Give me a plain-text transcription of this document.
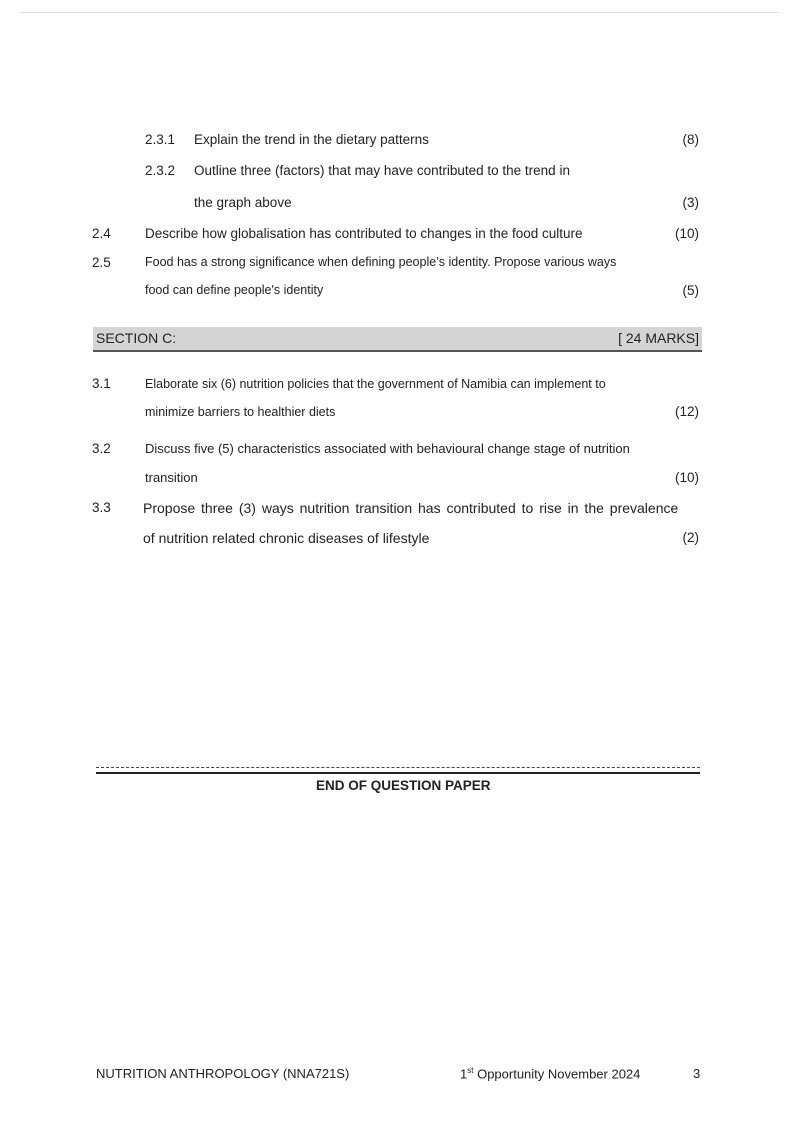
2.3.1 Explain the trend in the dietary patterns	(8)
2.3.2 Outline three (factors) that may have contributed to the trend in
the graph above	(3)
2.4	Describe how globalisation has contributed to changes in the food culture	(10)
2.5	Food has a strong significance when defining people’s identity. Propose various ways
food can define people's identity	(5)
SECTION C:	[ 24 MARKS]
3.1	Elaborate six (6) nutrition policies that the government of Namibia can implement to
minimize barriers to healthier diets	(12)
3.2	Discuss five (5) characteristics associated with behavioural change stage of nutrition
transition	(10)
3.3 Propose three (3) ways nutrition transition has contributed to rise in the prevalence
of nutrition related chronic diseases of lifestyle	(2)
END OF QUESTION PAPER
NUTRITION ANTHROPOLOGY (NNA721S)	1st Opportunity November 2024	3
